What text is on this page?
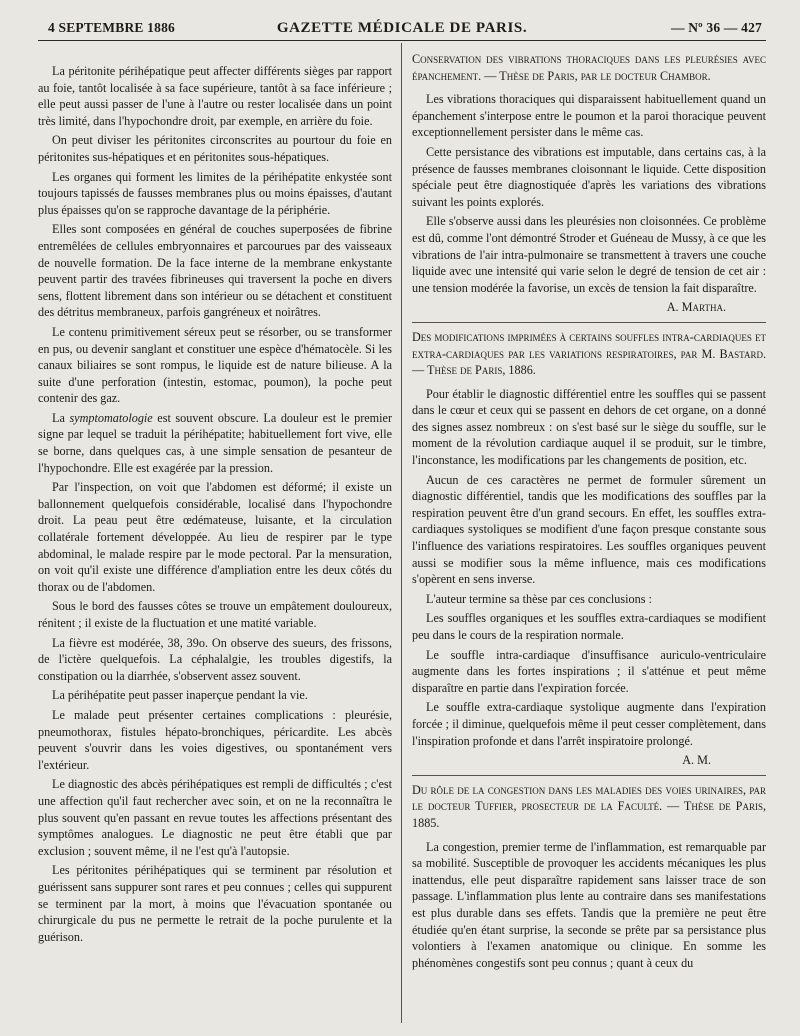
4 SEPTEMBRE 1886	GAZETTE MÉDICALE DE PARIS.	— Nº 36 — 427

La péritonite périhépatique peut affecter différents sièges par rapport au foie, tantôt localisée à sa face supérieure, tantôt à sa face inférieure ; elle peut aussi passer de l'une à l'autre ou rester localisée dans un point très limité, dans l'hypochondre droit, par exemple, en arrière du foie.

On peut diviser les péritonites circonscrites au pourtour du foie en péritonites sus-hépatiques et en péritonites sous-hépatiques.

Les organes qui forment les limites de la périhépatite enkystée sont toujours tapissés de fausses membranes plus ou moins épaisses, d'autant plus épaisses qu'on se rapproche davantage de la périphérie.

Elles sont composées en général de couches superposées de fibrine entremêlées de cellules embryonnaires et parcourues par des vaisseaux de nouvelle formation. De la face interne de la membrane enkystante peuvent partir des travées fibrineuses qui traversent la poche en divers sens, flottent librement dans son intérieur ou se détachent et constituent des détritus membraneux, parfois gangréneux et noirâtres.

Le contenu primitivement séreux peut se résorber, ou se transformer en pus, ou devenir sanglant et constituer une espèce d'hématocèle. Si les canaux biliaires se sont rompus, le liquide est de nature bilieuse. A la suite d'une perforation (intestin, estomac, poumon), la poche peut contenir des gaz.

La symptomatologie est souvent obscure. La douleur est le premier signe par lequel se traduit la périhépatite; habituellement fort vive, elle se borne, dans quelques cas, à une simple sensation de pesanteur de l'hypochondre. Elle est exagérée par la pression.

Par l'inspection, on voit que l'abdomen est déformé; il existe un ballonnement quelquefois considérable, localisé dans l'hypochondre droit. La peau peut être œdémateuse, luisante, et la circulation collatérale fortement développée. Au lieu de respirer par le type abdominal, le malade respire par le mode pectoral. Par la mensuration, on voit qu'il existe une différence d'ampliation entre les deux côtés du thorax ou de l'abdomen.

Sous le bord des fausses côtes se trouve un empâtement douloureux, rénitent ; il existe de la fluctuation et une matité variable.

La fièvre est modérée, 38, 39o. On observe des sueurs, des frissons, de l'ictère quelquefois. La céphalalgie, les troubles digestifs, la constipation ou la diarrhée, s'observent assez souvent.

La périhépatite peut passer inaperçue pendant la vie.

Le malade peut présenter certaines complications : pleurésie, pneumothorax, fistules hépato-bronchiques, péricardite. Les abcès peuvent s'ouvrir dans les voies digestives, ou spontanément vers l'extérieur.

Le diagnostic des abcès périhépatiques est rempli de difficultés ; c'est une affection qu'il faut rechercher avec soin, et on ne la reconnaîtra le plus souvent qu'en passant en revue toutes les affections présentant des symptômes analogues. Le diagnostic ne peut être établi que par exclusion ; souvent même, il ne l'est qu'à l'autopsie.

Les péritonites périhépatiques qui se terminent par résolution et guérissent sans suppurer sont rares et peu connues ; celles qui suppurent se terminent par la mort, à moins que l'évacuation spontanée ou chirurgicale du pus ne permette le retrait de la poche purulente et la guérison.

Conservation des vibrations thoraciques dans les pleurésies avec épanchement. — Thèse de Paris, par le docteur Chambor.

Les vibrations thoraciques qui disparaissent habituellement quand un épanchement s'interpose entre le poumon et la paroi thoracique peuvent exceptionnellement persister dans le même cas.

Cette persistance des vibrations est imputable, dans certains cas, à la présence de fausses membranes cloisonnant le liquide. Cette disposition spéciale peut être diagnostiquée d'après les variations des vibrations suivant les points explorés.

Elle s'observe aussi dans les pleurésies non cloisonnées. Ce problème est dû, comme l'ont démontré Stroder et Guéneau de Mussy, à ce que les vibrations de l'air intra-pulmonaire se transmettent à travers une couche liquide avec une intensité qui varie selon le degré de tension de cet air : une tension modérée la favorise, un excès de tension la fait disparaître.

A. Martha.

Des modifications imprimées à certains souffles intra-cardiaques et extra-cardiaques par les variations respiratoires, par M. Bastard. — Thèse de Paris, 1886.

Pour établir le diagnostic différentiel entre les souffles qui se passent dans le cœur et ceux qui se passent en dehors de cet organe, on a donné des signes assez nombreux : on s'est basé sur le siège du souffle, sur le moment de la révolution cardiaque auquel il se produit, sur le timbre, l'inconstance, les modifications par les changements de position, etc.

Aucun de ces caractères ne permet de formuler sûrement un diagnostic différentiel, tandis que les modifications des souffles par la respiration peuvent être d'un grand secours. En effet, les souffles extra-cardiaques systoliques se modifient d'une façon presque constante sous l'influence des variations respiratoires. Les souffles organiques peuvent aussi se modifier sous la même influence, mais ces modifications s'opèrent en sens inverse.

L'auteur termine sa thèse par ces conclusions :

Les souffles organiques et les souffles extra-cardiaques se modifient peu dans le cours de la respiration normale.

Le souffle intra-cardiaque d'insuffisance auriculo-ventriculaire augmente dans les fortes inspirations ; il s'atténue et peut même disparaître en partie dans l'expiration forcée.

Le souffle extra-cardiaque systolique augmente dans l'expiration forcée ; il diminue, quelquefois même il peut cesser complètement, dans l'inspiration profonde et dans l'arrêt inspiratoire prolongé.

A. M.

Du rôle de la congestion dans les maladies des voies urinaires, par le docteur Tuffier, prosecteur de la Faculté. — Thèse de Paris, 1885.

La congestion, premier terme de l'inflammation, est remarquable par sa mobilité. Susceptible de provoquer les accidents mécaniques les plus inattendus, elle peut disparaître rapidement sans laisser trace de son passage. L'inflammation plus lente au contraire dans ses manifestations est plus durable dans ses effets. Tandis que la première ne peut être étudiée qu'en étant surprise, la seconde se prête par sa persistance plus volontiers à l'examen anatomique ou clinique. En somme les phénomènes congestifs sont peu connus ; quant à ceux du
